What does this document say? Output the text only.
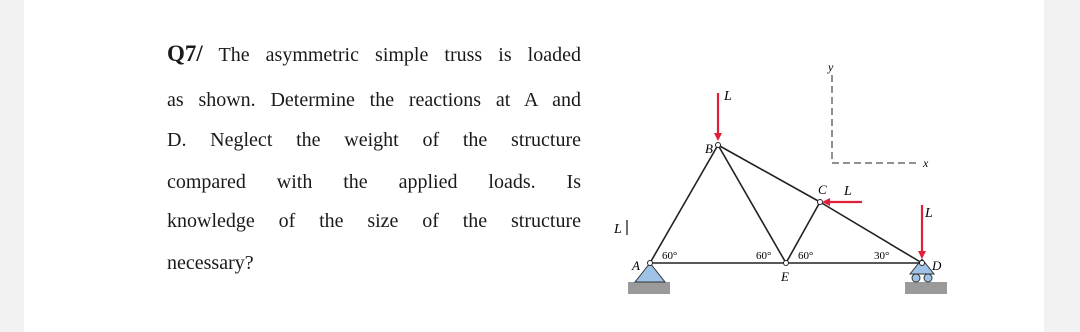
Q7/ The asymmetric simple truss is loaded
as shown. Determine the reactions at A and
D. Neglect the weight of the structure
compared with the applied loads. Is
knowledge of the size of the structure
necessary?
L
L
L
L
B
C
A	D
E
60°	60° 60°	30°
y
x
